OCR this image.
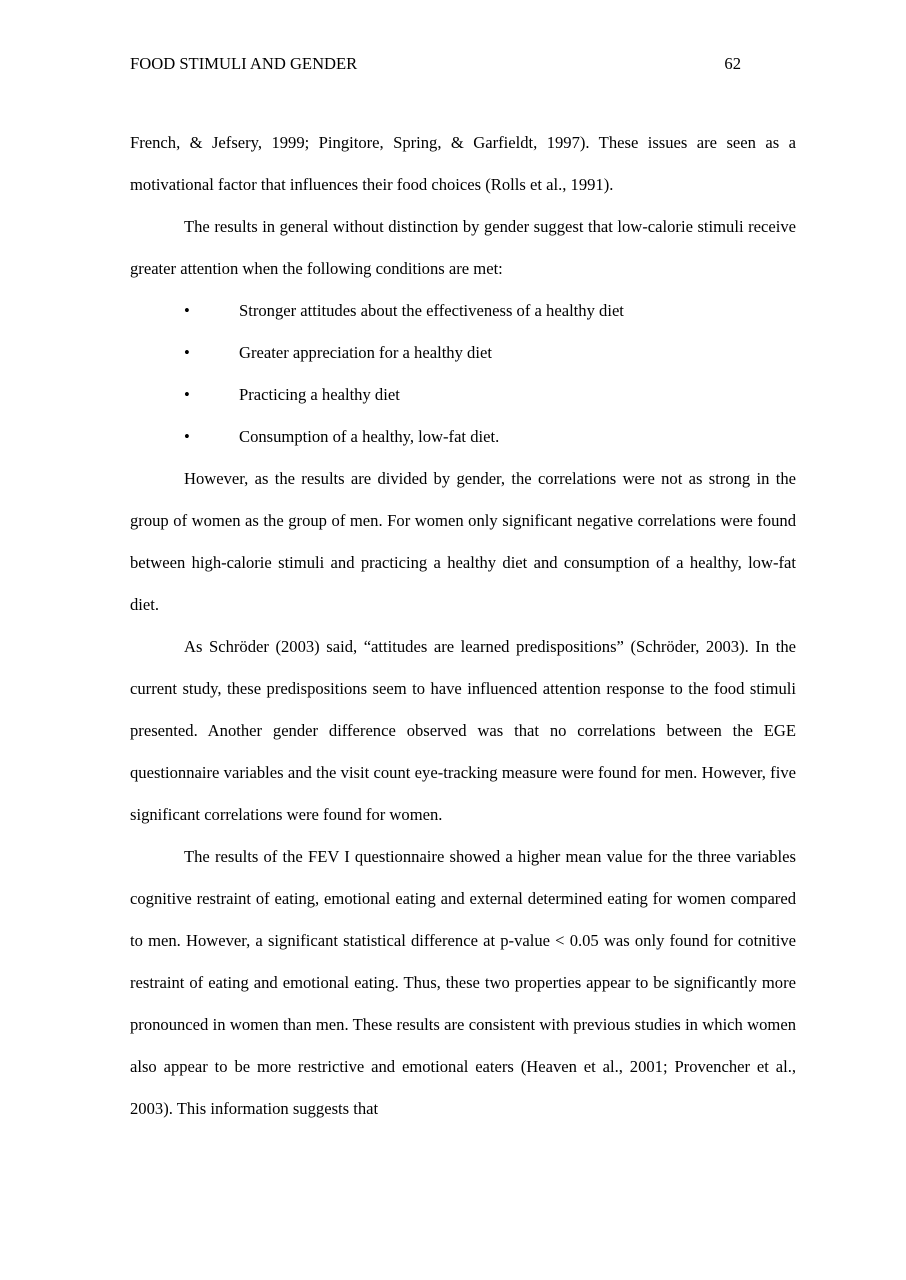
FOOD STIMULI AND GENDER	62

French, & Jefsery, 1999; Pingitore, Spring, & Garfieldt, 1997). These issues are seen as a motivational factor that influences their food choices (Rolls et al., 1991).

The results in general without distinction by gender suggest that low-calorie stimuli receive greater attention when the following conditions are met:

•	Stronger attitudes about the effectiveness of a healthy diet
•	Greater appreciation for a healthy diet
•	Practicing a healthy diet
•	Consumption of a healthy, low-fat diet.

However, as the results are divided by gender, the correlations were not as strong in the group of women as the group of men. For women only significant negative correlations were found between high-calorie stimuli and practicing a healthy diet and consumption of a healthy, low-fat diet.

As Schröder (2003) said, “attitudes are learned predispositions” (Schröder, 2003). In the current study, these predispositions seem to have influenced attention response to the food stimuli presented. Another gender difference observed was that no correlations between the EGE questionnaire variables and the visit count eye-tracking measure were found for men. However, five significant correlations were found for women.

The results of the FEV I questionnaire showed a higher mean value for the three variables cognitive restraint of eating, emotional eating and external determined eating for women compared to men. However, a significant statistical difference at p-value < 0.05 was only found for cotnitive restraint of eating and emotional eating. Thus, these two properties appear to be significantly more pronounced in women than men. These results are consistent with previous studies in which women also appear to be more restrictive and emotional eaters (Heaven et al., 2001; Provencher et al., 2003). This information suggests that
